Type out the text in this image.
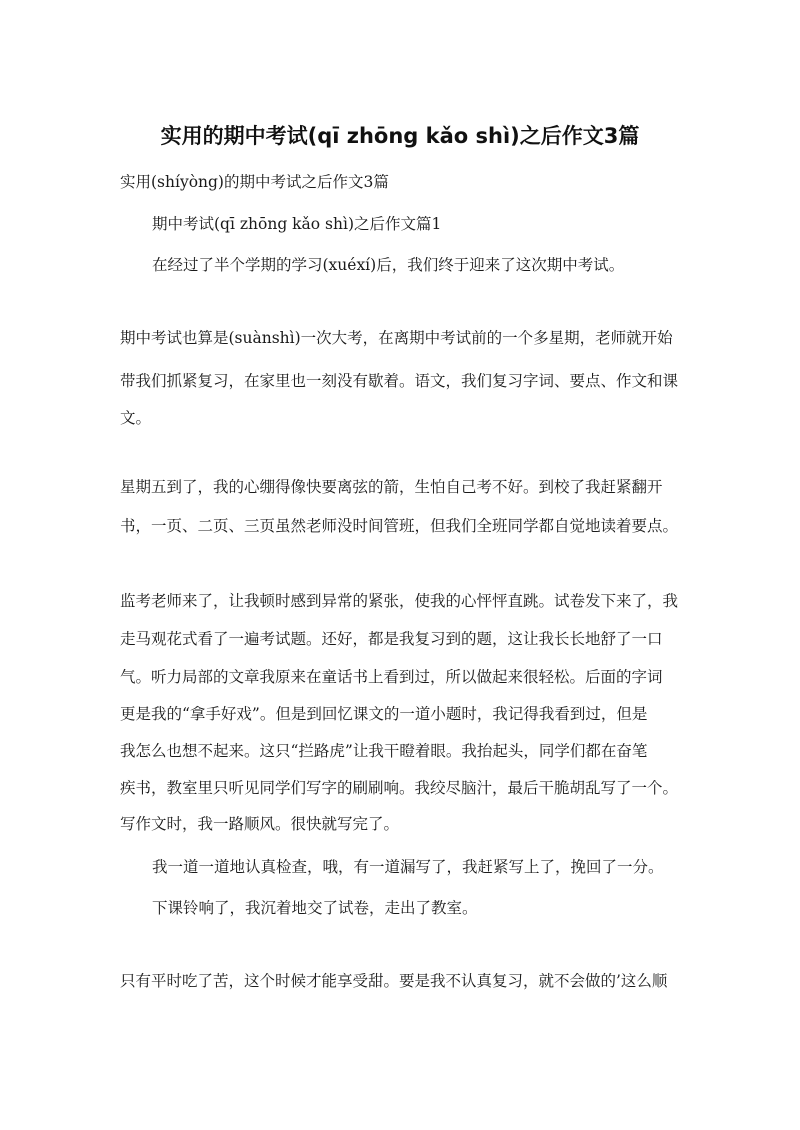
实用的期中考试(qī zhōng kǎo shì)之后作文3篇

实用(shíyòng)的期中考试之后作文3篇

期中考试(qī zhōng kǎo shì)之后作文篇1

在经过了半个学期的学习(xuéxí)后，我们终于迎来了这次期中考试。

期中考试也算是(suànshì)一次大考，在离期中考试前的一个多星期，老师就开始

带我们抓紧复习，在家里也一刻没有歇着。语文，我们复习字词、要点、作文和课

文。

星期五到了，我的心绷得像快要离弦的箭，生怕自己考不好。到校了我赶紧翻开

书，一页、二页、三页虽然老师没时间管班，但我们全班同学都自觉地读着要点。

监考老师来了，让我顿时感到异常的紧张，使我的心怦怦直跳。试卷发下来了，我

走马观花式看了一遍考试题。还好，都是我复习到的题，这让我长长地舒了一口

气。听力局部的文章我原来在童话书上看到过，所以做起来很轻松。后面的字词

更是我的“拿手好戏”。但是到回忆课文的一道小题时，我记得我看到过，但是

我怎么也想不起来。这只“拦路虎”让我干瞪着眼。我抬起头，同学们都在奋笔

疾书，教室里只听见同学们写字的刷刷响。我绞尽脑汁，最后干脆胡乱写了一个。

写作文时，我一路顺风。很快就写完了。

我一道一道地认真检查，哦，有一道漏写了，我赶紧写上了，挽回了一分。

下课铃响了，我沉着地交了试卷，走出了教室。

只有平时吃了苦，这个时候才能享受甜。要是我不认真复习，就不会做的’这么顺
